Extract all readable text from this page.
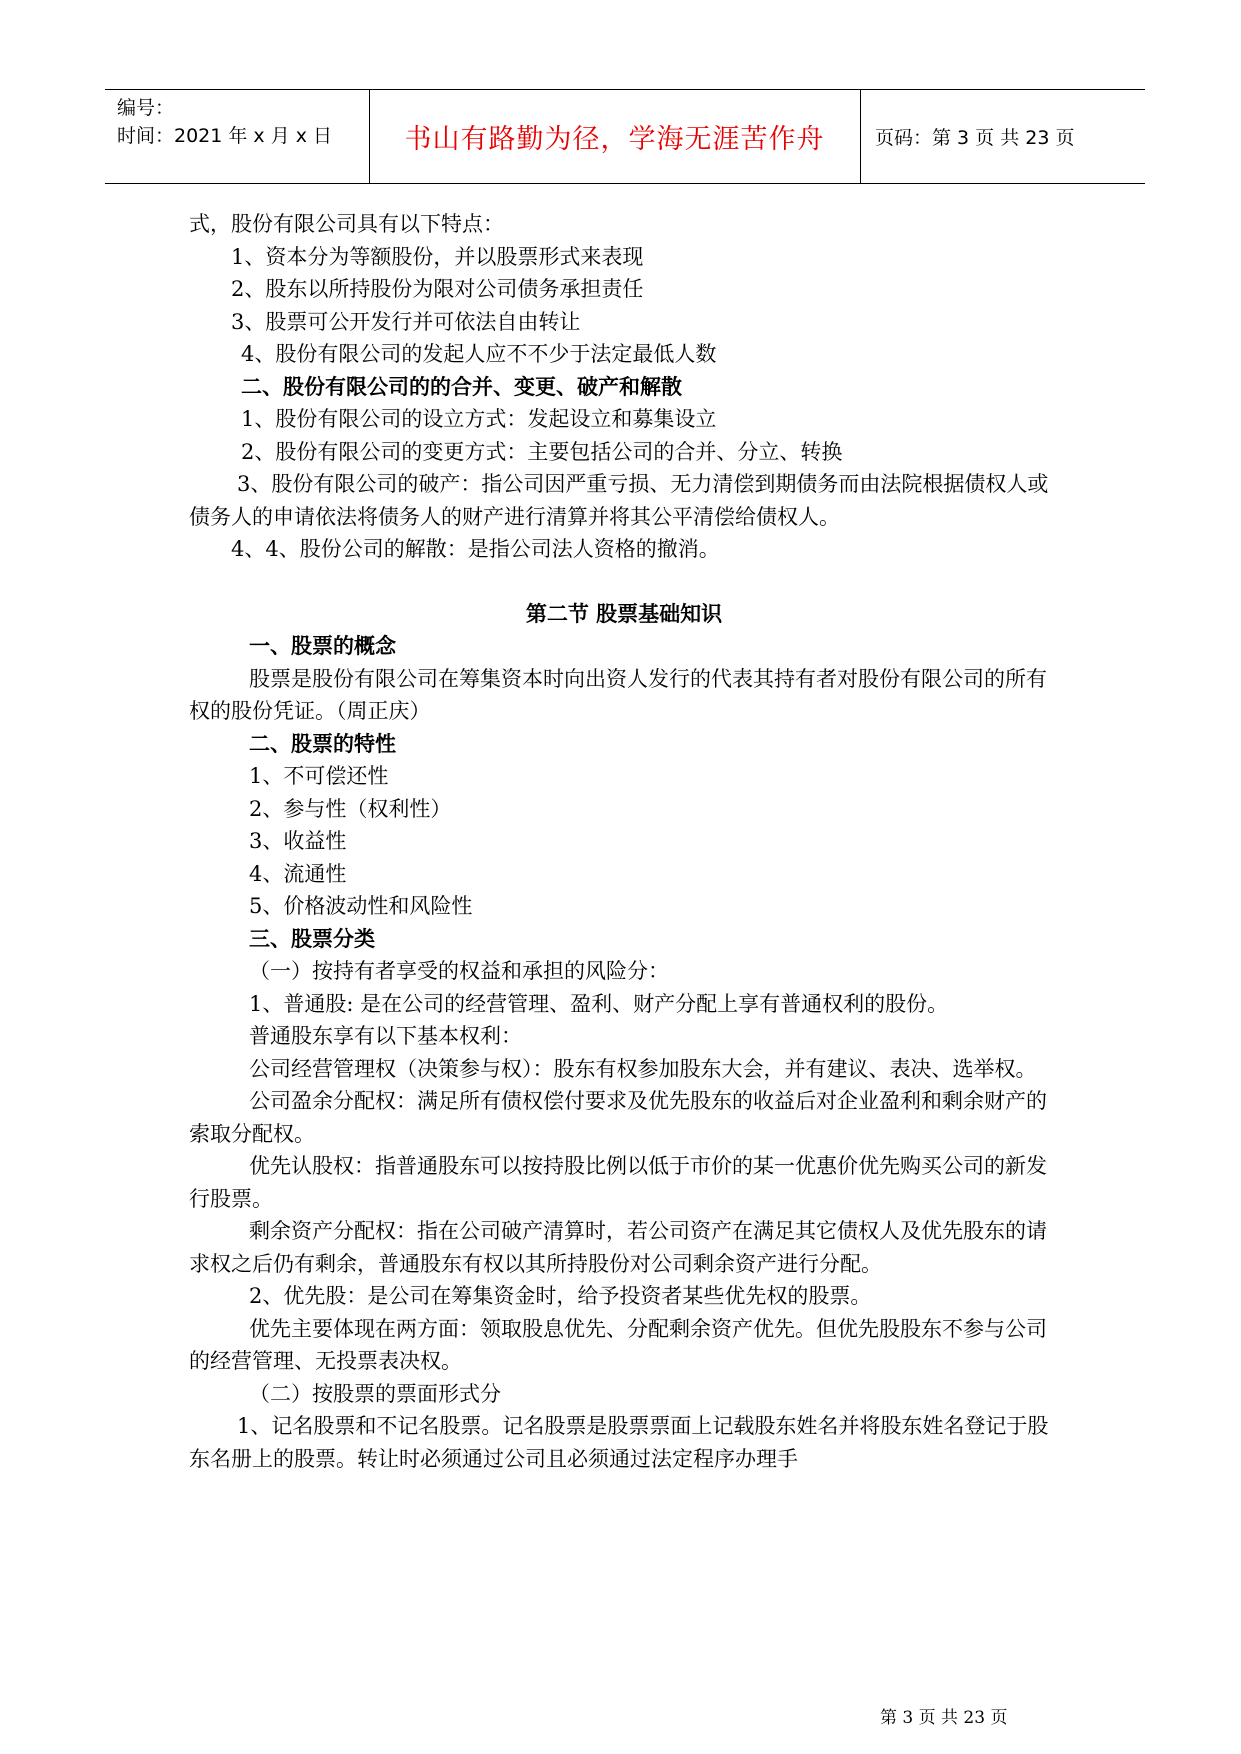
编号：
时间：2021 年 x 月 x 日	书山有路勤为径，学海无涯苦作舟	页码：第 3 页 共 23 页

式，股份有限公司具有以下特点：

1、资本分为等额股份，并以股票形式来表现

2、股东以所持股份为限对公司债务承担责任

3、股票可公开发行并可依法自由转让

4、股份有限公司的发起人应不不少于法定最低人数

二、股份有限公司的的合并、变更、破产和解散

1、股份有限公司的设立方式：发起设立和募集设立

2、股份有限公司的变更方式：主要包括公司的合并、分立、转换

3、股份有限公司的破产：指公司因严重亏损、无力清偿到期债务而由法院根据债权人或债务人的申请依法将债务人的财产进行清算并将其公平清偿给债权人。

4、4、股份公司的解散：是指公司法人资格的撤消。

第二节 股票基础知识

一、股票的概念

股票是股份有限公司在筹集资本时向出资人发行的代表其持有者对股份有限公司的所有权的股份凭证。（周正庆）

二、股票的特性

1、不可偿还性

2、参与性（权利性）

3、收益性

4、流通性

5、价格波动性和风险性

三、股票分类

（一）按持有者享受的权益和承担的风险分：

1、普通股: 是在公司的经营管理、盈利、财产分配上享有普通权利的股份。

普通股东享有以下基本权利：

公司经营管理权（决策参与权）：股东有权参加股东大会，并有建议、表决、选举权。

公司盈余分配权：满足所有债权偿付要求及优先股东的收益后对企业盈利和剩余财产的索取分配权。

优先认股权：指普通股东可以按持股比例以低于市价的某一优惠价优先购买公司的新发行股票。

剩余资产分配权：指在公司破产清算时，若公司资产在满足其它债权人及优先股东的请求权之后仍有剩余，普通股东有权以其所持股份对公司剩余资产进行分配。

2、优先股：是公司在筹集资金时，给予投资者某些优先权的股票。

优先主要体现在两方面：领取股息优先、分配剩余资产优先。但优先股股东不参与公司的经营管理、无投票表决权。

（二）按股票的票面形式分

1、记名股票和不记名股票。记名股票是股票票面上记载股东姓名并将股东姓名登记于股东名册上的股票。转让时必须通过公司且必须通过法定程序办理手

第 3 页 共 23 页
